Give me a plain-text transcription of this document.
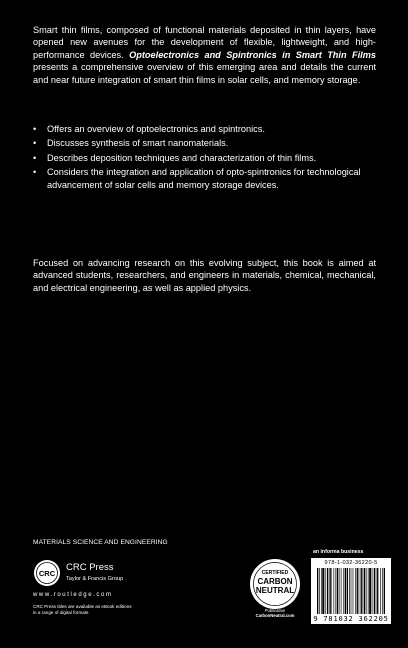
Smart thin films, composed of functional materials deposited in thin layers, have opened new avenues for the development of flexible, lightweight, and high-performance devices. Optoelectronics and Spintronics in Smart Thin Films presents a comprehensive overview of this emerging area and details the current and near future integration of smart thin films in solar cells, and memory storage.

• Offers an overview of optoelectronics and spintronics.
• Discusses synthesis of smart nanomaterials.
• Describes deposition techniques and characterization of thin films.
• Considers the integration and application of opto-spintronics for technological advancement of solar cells and memory storage devices.

Focused on advancing research on this evolving subject, this book is aimed at advanced students, researchers, and engineers in materials, chemical, mechanical, and electrical engineering, as well as applied physics.

MATERIALS SCIENCE AND ENGINEERING
an informa business
CRC
CRC Press
Taylor & Francis Group
www.routledge.com
CRC Press titles are available as eBook editions
in a range of digital formats
CERTIFIED
CARBON
NEUTRAL
Publication
CarbonNeutral.com
978-1-032-36220-5
9 781032 362205
